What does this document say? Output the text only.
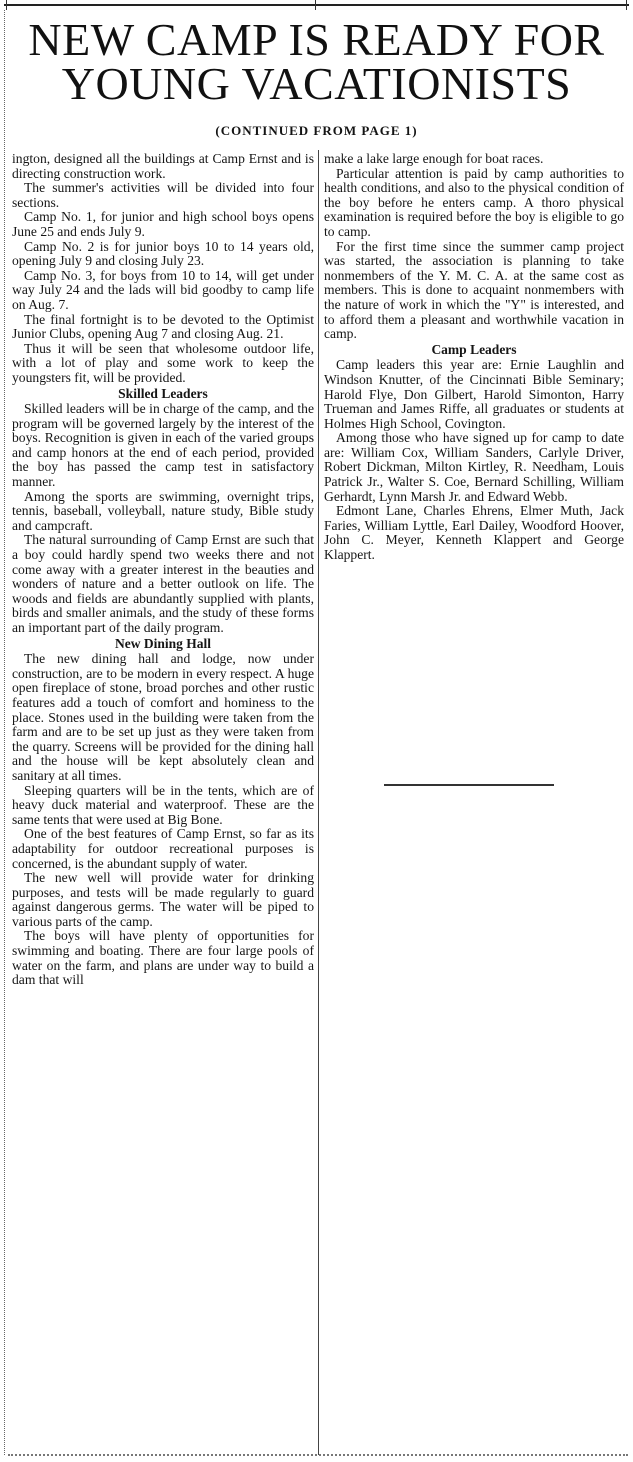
NEW CAMP IS READY FOR
YOUNG VACATIONISTS
(CONTINUED FROM PAGE 1)

ington, designed all the buildings at Camp Ernst and is directing construction work.

The summer's activities will be divided into four sections.

Camp No. 1, for junior and high school boys opens June 25 and ends July 9.

Camp No. 2 is for junior boys 10 to 14 years old, opening July 9 and closing July 23.

Camp No. 3, for boys from 10 to 14, will get under way July 24 and the lads will bid goodby to camp life on Aug. 7.

The final fortnight is to be devoted to the Optimist Junior Clubs, opening Aug 7 and closing Aug. 21.

Thus it will be seen that wholesome outdoor life, with a lot of play and some work to keep the youngsters fit, will be provided.

Skilled Leaders

Skilled leaders will be in charge of the camp, and the program will be governed largely by the interest of the boys. Recognition is given in each of the varied groups and camp honors at the end of each period, provided the boy has passed the camp test in satisfactory manner.

Among the sports are swimming, overnight trips, tennis, baseball, volleyball, nature study, Bible study and campcraft.

The natural surrounding of Camp Ernst are such that a boy could hardly spend two weeks there and not come away with a greater interest in the beauties and wonders of nature and a better outlook on life. The woods and fields are abundantly supplied with plants, birds and smaller animals, and the study of these forms an important part of the daily program.

New Dining Hall

The new dining hall and lodge, now under construction, are to be modern in every respect. A huge open fireplace of stone, broad porches and other rustic features add a touch of comfort and hominess to the place. Stones used in the building were taken from the farm and are to be set up just as they were taken from the quarry. Screens will be provided for the dining hall and the house will be kept absolutely clean and sanitary at all times.

Sleeping quarters will be in the tents, which are of heavy duck material and waterproof. These are the same tents that were used at Big Bone.

One of the best features of Camp Ernst, so far as its adaptability for outdoor recreational purposes is concerned, is the abundant supply of water.

The new well will provide water for drinking purposes, and tests will be made regularly to guard against dangerous germs. The water will be piped to various parts of the camp.

The boys will have plenty of opportunities for swimming and boating. There are four large pools of water on the farm, and plans are under way to build a dam that will

make a lake large enough for boat races.

Particular attention is paid by camp authorities to health conditions, and also to the physical condition of the boy before he enters camp. A thoro physical examination is required before the boy is eligible to go to camp.

For the first time since the summer camp project was started, the association is planning to take nonmembers of the Y. M. C. A. at the same cost as members. This is done to acquaint nonmembers with the nature of work in which the "Y" is interested, and to afford them a pleasant and worthwhile vacation in camp.

Camp Leaders

Camp leaders this year are: Ernie Laughlin and Windson Knutter, of the Cincinnati Bible Seminary; Harold Flye, Don Gilbert, Harold Simonton, Harry Trueman and James Riffe, all graduates or students at Holmes High School, Covington.

Among those who have signed up for camp to date are: William Cox, William Sanders, Carlyle Driver, Robert Dickman, Milton Kirtley, R. Needham, Louis Patrick Jr., Walter S. Coe, Bernard Schilling, William Gerhardt, Lynn Marsh Jr. and Edward Webb.

Edmont Lane, Charles Ehrens, Elmer Muth, Jack Faries, William Lyttle, Earl Dailey, Woodford Hoover, John C. Meyer, Kenneth Klappert and George Klappert.
